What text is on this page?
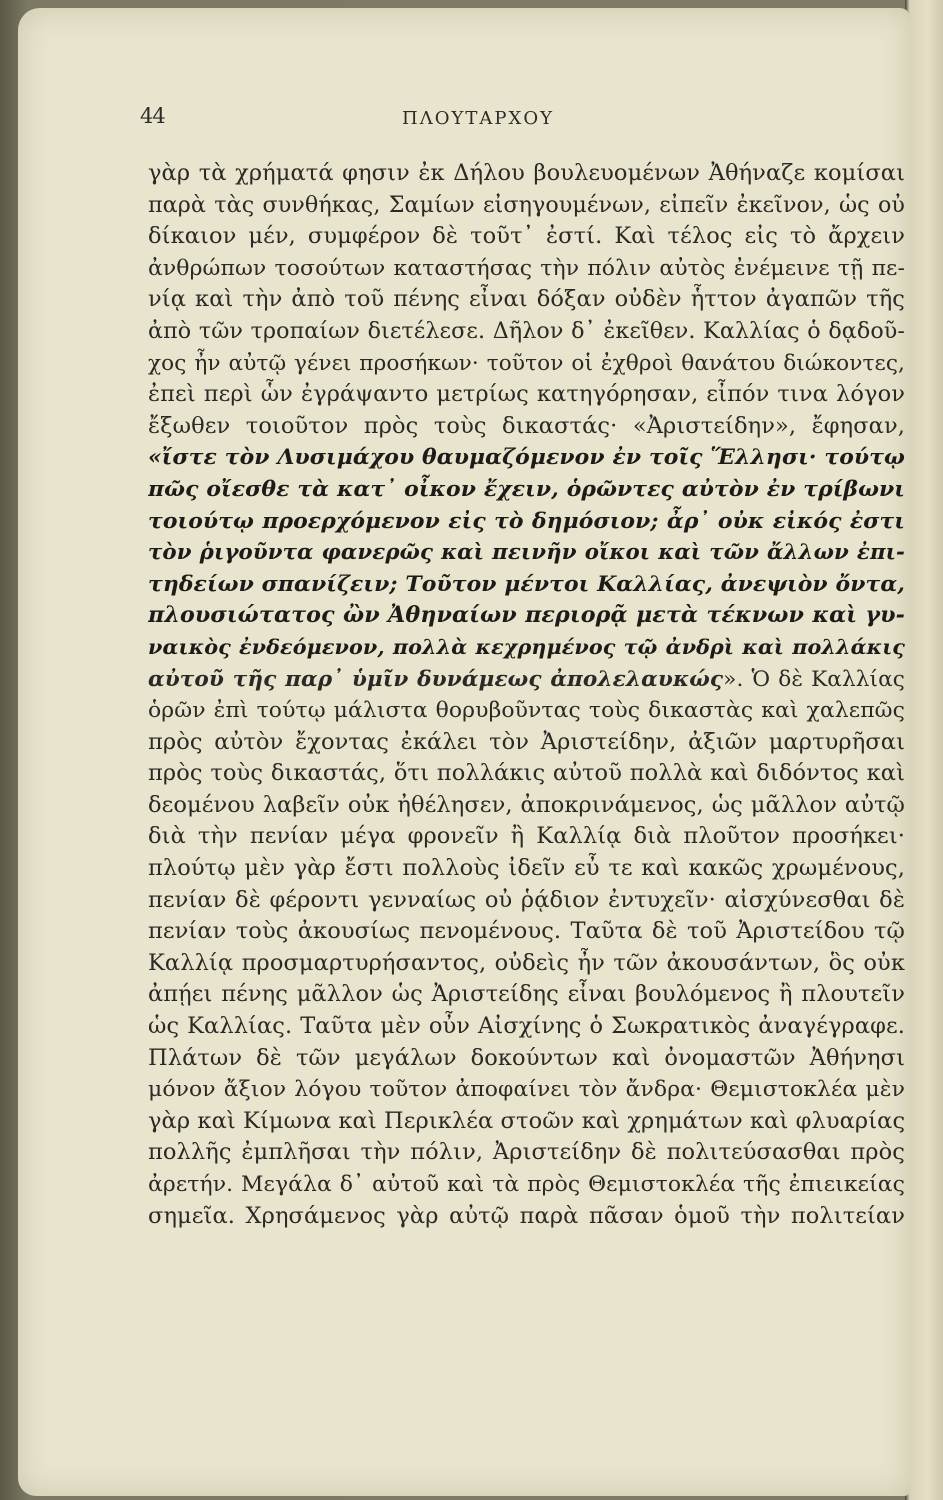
44	ΠΛΟΥΤΑΡΧΟΥ
γὰρ τὰ χρήματά φησιν ἐκ Δήλου βουλευομένων Ἀθήναζε κομίσαι
παρὰ τὰς συνθήκας, Σαμίων εἰσηγουμένων, εἰπεῖν ἐκεῖνον, ὡς οὐ
δίκαιον μέν, συμφέρον δὲ τοῦτ᾽ ἐστί. Καὶ τέλος εἰς τὸ ἄρχειν
ἀνθρώπων τοσούτων καταστήσας τὴν πόλιν αὐτὸς ἐνέμεινε τῇ πε-
νίᾳ καὶ τὴν ἀπὸ τοῦ πένης εἶναι δόξαν οὐδὲν ἧττον ἀγαπῶν τῆς
ἀπὸ τῶν τροπαίων διετέλεσε. Δῆλον δ᾽ ἐκεῖθεν. Καλλίας ὁ δᾳδοῦ-
χος ἦν αὐτῷ γένει προσήκων· τοῦτον οἱ ἐχθροὶ θανάτου διώκοντες,
ἐπεὶ περὶ ὧν ἐγράψαντο μετρίως κατηγόρησαν, εἶπόν τινα λόγον
ἔξωθεν τοιοῦτον πρὸς τοὺς δικαστάς· «Ἀριστείδην», ἔφησαν,
«ἴστε τὸν Λυσιμάχου θαυμαζόμενον ἐν τοῖς Ἕλλησι· τούτῳ
πῶς οἴεσθε τὰ κατ᾽ οἶκον ἔχειν, ὁρῶντες αὐτὸν ἐν τρίβωνι
τοιούτῳ προερχόμενον εἰς τὸ δημόσιον; ἆρ᾽ οὐκ εἰκός ἐστι
τὸν ῥιγοῦντα φανερῶς καὶ πεινῆν οἴκοι καὶ τῶν ἄλλων ἐπι-
τηδείων σπανίζειν; Τοῦτον μέντοι Καλλίας, ἀνεψιὸν ὄντα,
πλουσιώτατος ὢν Ἀθηναίων περιορᾷ μετὰ τέκνων καὶ γυ-
ναικὸς ἐνδεόμενον, πολλὰ κεχρημένος τῷ ἀνδρὶ καὶ πολλάκις
αὐτοῦ τῆς παρ᾽ ὑμῖν δυνάμεως ἀπολελαυκώς». Ὁ δὲ Καλλίας
ὁρῶν ἐπὶ τούτῳ μάλιστα θορυβοῦντας τοὺς δικαστὰς καὶ χαλεπῶς
πρὸς αὐτὸν ἔχοντας ἐκάλει τὸν Ἀριστείδην, ἀξιῶν μαρτυρῆσαι
πρὸς τοὺς δικαστάς, ὅτι πολλάκις αὐτοῦ πολλὰ καὶ διδόντος καὶ
δεομένου λαβεῖν οὐκ ἠθέλησεν, ἀποκρινάμενος, ὡς μᾶλλον αὐτῷ
διὰ τὴν πενίαν μέγα φρονεῖν ἢ Καλλίᾳ διὰ πλοῦτον προσήκει·
πλούτῳ μὲν γὰρ ἔστι πολλοὺς ἰδεῖν εὖ τε καὶ κακῶς χρωμένους,
πενίαν δὲ φέροντι γενναίως οὐ ῥᾴδιον ἐντυχεῖν· αἰσχύνεσθαι δὲ
πενίαν τοὺς ἀκουσίως πενομένους. Ταῦτα δὲ τοῦ Ἀριστείδου τῷ
Καλλίᾳ προσμαρτυρήσαντος, οὐδεὶς ἦν τῶν ἀκουσάντων, ὃς οὐκ
ἀπῄει πένης μᾶλλον ὡς Ἀριστείδης εἶναι βουλόμενος ἢ πλουτεῖν
ὡς Καλλίας. Ταῦτα μὲν οὖν Αἰσχίνης ὁ Σωκρατικὸς ἀναγέγραφε.
Πλάτων δὲ τῶν μεγάλων δοκούντων καὶ ὀνομαστῶν Ἀθήνησι
μόνον ἄξιον λόγου τοῦτον ἀποφαίνει τὸν ἄνδρα· Θεμιστοκλέα μὲν
γὰρ καὶ Κίμωνα καὶ Περικλέα στοῶν καὶ χρημάτων καὶ φλυαρίας
πολλῆς ἐμπλῆσαι τὴν πόλιν, Ἀριστείδην δὲ πολιτεύσασθαι πρὸς
ἀρετήν. Μεγάλα δ᾽ αὐτοῦ καὶ τὰ πρὸς Θεμιστοκλέα τῆς ἐπιεικείας
σημεῖα. Χρησάμενος γὰρ αὐτῷ παρὰ πᾶσαν ὁμοῦ τὴν πολιτείαν
